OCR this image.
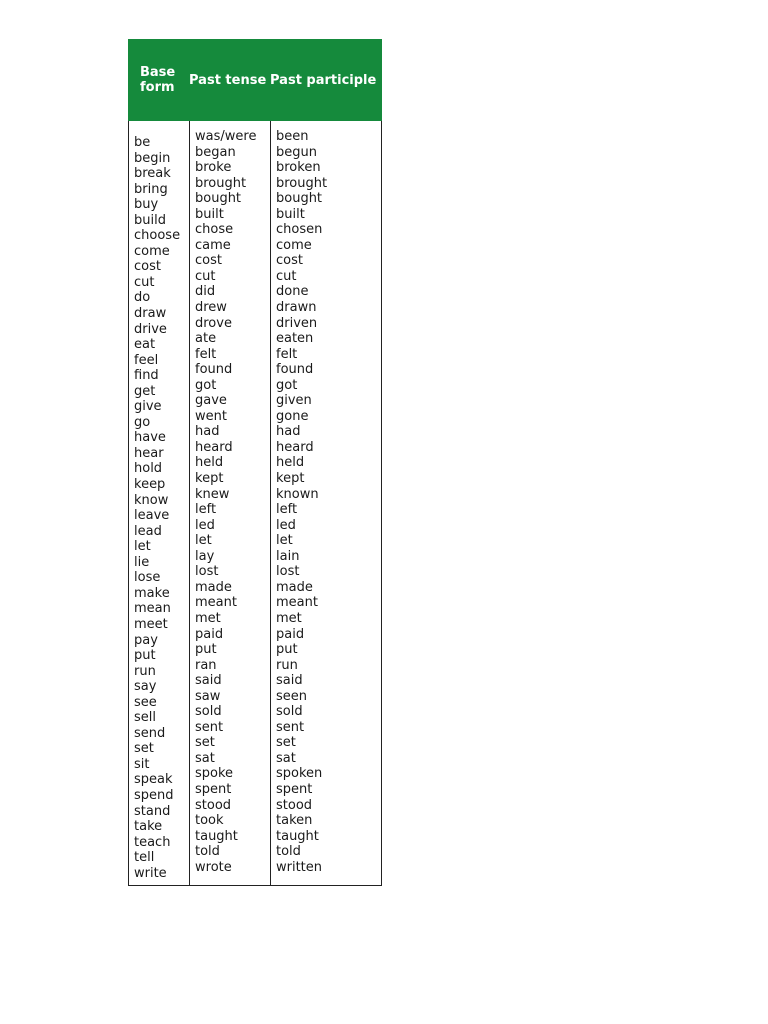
Base form	Past tense Past participle
be
begin
break
bring
buy
build
choose
come
cost
cut
do
draw
drive
eat
feel
find
get
give
go
have
hear
hold
keep
know
leave
lead
let
lie
lose
make
mean
meet
pay
put
run
say
see
sell
send
set
sit
speak
spend
stand
take
teach
tell
write
was/were
began
broke
brought
bought
built
chose
came
cost
cut
did
drew
drove
ate
felt
found
got
gave
went
had
heard
held
kept
knew
left
led
let
lay
lost
made
meant
met
paid
put
ran
said
saw
sold
sent
set
sat
spoke
spent
stood
took
taught
told
wrote
been
begun
broken
brought
bought
built
chosen
come
cost
cut
done
drawn
driven
eaten
felt
found
got
given
gone
had
heard
held
kept
known
left
led
let
lain
lost
made
meant
met
paid
put
run
said
seen
sold
sent
set
sat
spoken
spent
stood
taken
taught
told
written
